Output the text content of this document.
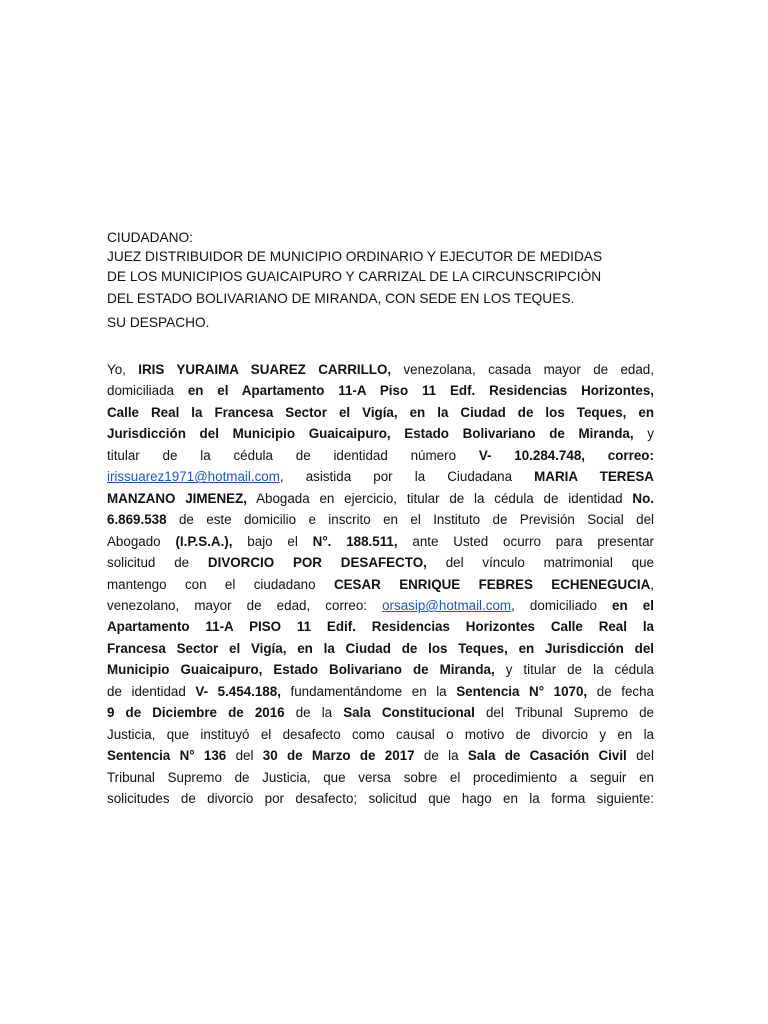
CIUDADANO:
JUEZ DISTRIBUIDOR DE MUNICIPIO ORDINARIO Y EJECUTOR DE MEDIDAS
DE LOS MUNICIPIOS GUAICAIPURO Y CARRIZAL DE LA CIRCUNSCRIPCIÒN
DEL ESTADO BOLIVARIANO DE MIRANDA, CON SEDE EN LOS TEQUES.
SU DESPACHO.
Yo, IRIS YURAIMA SUAREZ CARRILLO, venezolana, casada mayor de edad,
domiciliada en el Apartamento 11-A Piso 11 Edf. Residencias Horizontes,
Calle Real la Francesa Sector el Vigía, en la Ciudad de los Teques, en
Jurisdicción del Municipio Guaicaipuro, Estado Bolivariano de Miranda, y
titular de la cédula de identidad número V- 10.284.748, correo:
irissuarez1971@hotmail.com, asistida por la Ciudadana MARIA TERESA
MANZANO JIMENEZ, Abogada en ejercicio, titular de la cédula de identidad No.
6.869.538 de este domicilio e inscrito en el Instituto de Previsión Social del
Abogado (I.P.S.A.), bajo el N°. 188.511, ante Usted ocurro para presentar
solicitud de DIVORCIO POR DESAFECTO, del vínculo matrimonial que
mantengo con el ciudadano CESAR ENRIQUE FEBRES ECHENEGUCIA,
venezolano, mayor de edad, correo: orsasip@hotmail.com, domiciliado en el
Apartamento 11-A PISO 11 Edif. Residencias Horizontes Calle Real la
Francesa Sector el Vigía, en la Ciudad de los Teques, en Jurisdicción del
Municipio Guaicaipuro, Estado Bolivariano de Miranda, y titular de la cédula
de identidad V- 5.454.188, fundamentándome en la Sentencia N° 1070, de fecha
9 de Diciembre de 2016 de la Sala Constitucional del Tribunal Supremo de
Justicia, que instituyó el desafecto como causal o motivo de divorcio y en la
Sentencia N° 136 del 30 de Marzo de 2017 de la Sala de Casación Civil del
Tribunal Supremo de Justicia, que versa sobre el procedimiento a seguir en
solicitudes de divorcio por desafecto; solicitud que hago en la forma siguiente:
